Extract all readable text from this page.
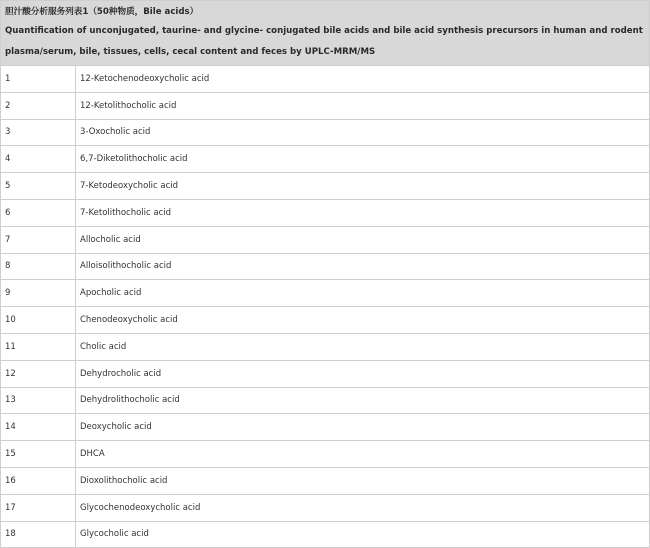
胆汁酸分析服务列表1（50种物质，Bile acids）
Quantification of unconjugated, taurine- and glycine- conjugated bile acids and bile acid synthesis precursors in human and rodent plasma/serum, bile, tissues, cells, cecal content and feces by UPLC-MRM/MS	

1	12-Ketochenodeoxycholic acid
2	12-Ketolithocholic acid
3	3-Oxocholic acid
4	6,7-Diketolithocholic acid
5	7-Ketodeoxycholic acid
6	7-Ketolithocholic acid
7	Allocholic acid
8	Alloisolithocholic acid
9	Apocholic acid
10	Chenodeoxycholic acid
11	Cholic acid
12	Dehydrocholic acid
13	Dehydrolithocholic acid
14	Deoxycholic acid
15	DHCA
16	Dioxolithocholic acid
17	Glycochenodeoxycholic acid
18	Glycocholic acid
